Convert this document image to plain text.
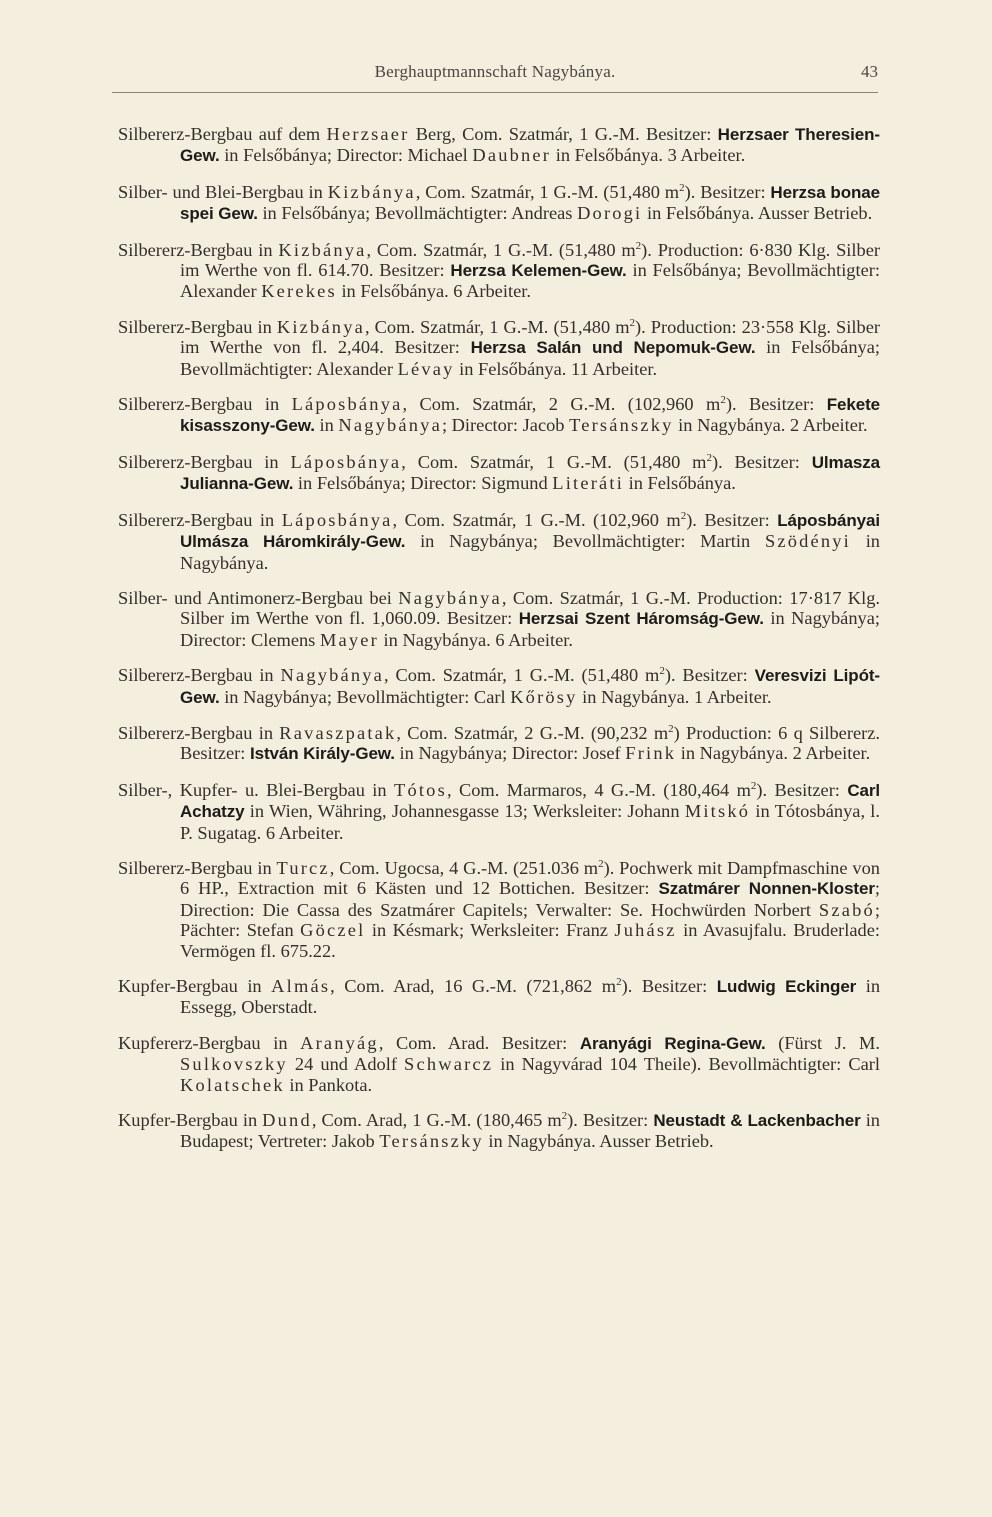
Berghauptmannschaft Nagybánya.	43

Silbererz-Bergbau auf dem Herzsaer Berg, Com. Szatmár, 1 G.-M. Besitzer: Herzsaer Theresien-Gew. in Felsőbánya; Director: Michael Daubner in Felsőbánya. 3 Arbeiter.

Silber- und Blei-Bergbau in Kizbánya, Com. Szatmár, 1 G.-M. (51,480 $m^2$). Besitzer: Herzsa bonae spei Gew. in Felsőbánya; Bevollmächtigter: Andreas Dorogi in Felsőbánya. Ausser Betrieb.

Silbererz-Bergbau in Kizbánya, Com. Szatmár, 1 G.-M. (51,480 $m^2$). Production: 6·830 Klg. Silber im Werthe von fl. 614.70. Besitzer: Herzsa Kelemen-Gew. in Felsőbánya; Bevollmächtigter: Alexander Kerekes in Felsőbánya. 6 Arbeiter.

Silbererz-Bergbau in Kizbánya, Com. Szatmár, 1 G.-M. (51,480 $m^2$). Production: 23·558 Klg. Silber im Werthe von fl. 2,404. Besitzer: Herzsa Salán und Nepomuk-Gew. in Felsőbánya; Bevollmächtigter: Alexander Lévay in Felsőbánya. 11 Arbeiter.

Silbererz-Bergbau in Láposbánya, Com. Szatmár, 2 G.-M. (102,960 $m^2$). Besitzer: Fekete kisasszony-Gew. in Nagybánya; Director: Jacob Tersánszky in Nagybánya. 2 Arbeiter.

Silbererz-Bergbau in Láposbánya, Com. Szatmár, 1 G.-M. (51,480 $m^2$). Besitzer: Ulmasza Julianna-Gew. in Felsőbánya; Director: Sigmund Literáti in Felsőbánya.

Silbererz-Bergbau in Láposbánya, Com. Szatmár, 1 G.-M. (102,960 $m^2$). Besitzer: Láposbányai Ulmásza Háromkirály-Gew. in Nagybánya; Bevollmächtigter: Martin Szödényi in Nagybánya.

Silber- und Antimonerz-Bergbau bei Nagybánya, Com. Szatmár, 1 G.-M. Production: 17·817 Klg. Silber im Werthe von fl. 1,060.09. Besitzer: Herzsai Szent Háromság-Gew. in Nagybánya; Director: Clemens Mayer in Nagybánya. 6 Arbeiter.

Silbererz-Bergbau in Nagybánya, Com. Szatmár, 1 G.-M. (51,480 $m^2$). Besitzer: Veresvizi Lipót-Gew. in Nagybánya; Bevollmächtigter: Carl Kőrösy in Nagybánya. 1 Arbeiter.

Silbererz-Bergbau in Ravaszpatak, Com. Szatmár, 2 G.-M. (90,232 $m^2$) Production: 6 q Silbererz. Besitzer: István Király-Gew. in Nagybánya; Director: Josef Frink in Nagybánya. 2 Arbeiter.

Silber-, Kupfer- u. Blei-Bergbau in Tótos, Com. Marmaros, 4 G.-M. (180,464 $m^2$). Besitzer: Carl Achatzy in Wien, Währing, Johannesgasse 13; Werksleiter: Johann Mitskó in Tótosbánya, l. P. Sugatag. 6 Arbeiter.

Silbererz-Bergbau in Turcz, Com. Ugocsa, 4 G.-M. (251.036 $m^2$). Pochwerk mit Dampfmaschine von 6 HP., Extraction mit 6 Kästen und 12 Bottichen. Besitzer: Szatmárer Nonnen-Kloster; Direction: Die Cassa des Szatmárer Capitels; Verwalter: Se. Hochwürden Norbert Szabó; Pächter: Stefan Göczel in Késmark; Werksleiter: Franz Juhász in Avasujfalu. Bruderlade: Vermögen fl. 675.22.

Kupfer-Bergbau in Almás, Com. Arad, 16 G.-M. (721,862 $m^2$). Besitzer: Ludwig Eckinger in Essegg, Oberstadt.

Kupfererz-Bergbau in Aranyág, Com. Arad. Besitzer: Aranyági Regina-Gew. (Fürst J. M. Sulkovszky 24 und Adolf Schwarcz in Nagyvárad 104 Theile). Bevollmächtigter: Carl Kolatschek in Pankota.

Kupfer-Bergbau in Dund, Com. Arad, 1 G.-M. (180,465 $m^2$). Besitzer: Neustadt & Lackenbacher in Budapest; Vertreter: Jakob Tersánszky in Nagybánya. Ausser Betrieb.
